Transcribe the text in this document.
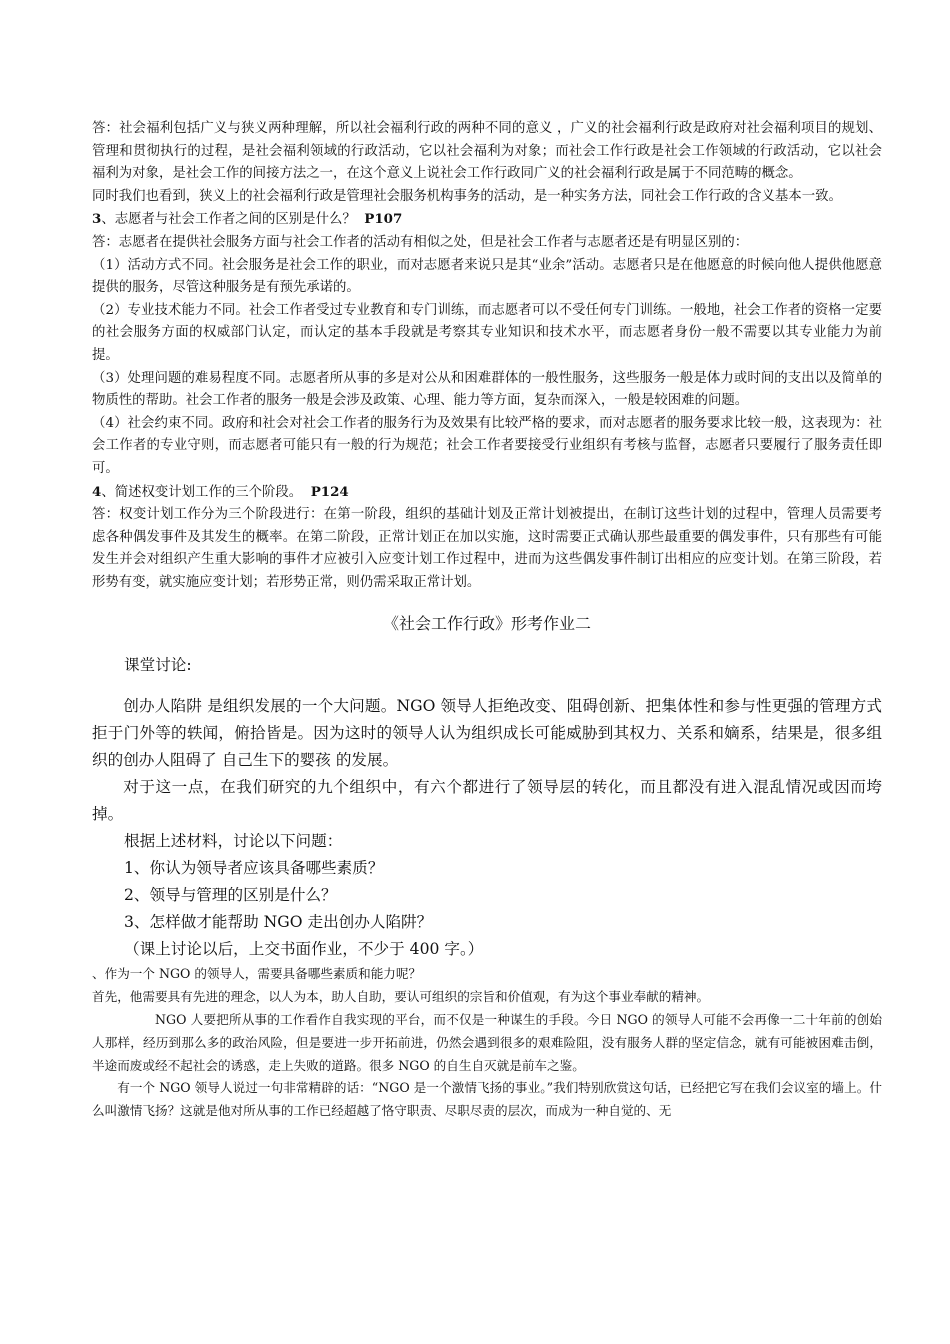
答：社会福利包括广义与狭义两种理解，所以社会福利行政的两种不同的意义 ，广义的社会福利行政是政府对社会福利项目的规划、管理和贯彻执行的过程，是社会福利领域的行政活动，它以社会福利为对象；而社会工作行政是社会工作领域的行政活动，它以社会福利为对象，是社会工作的间接方法之一，在这个意义上说社会工作行政同广义的社会福利行政是属于不同范畴的概念。

同时我们也看到，狭义上的社会福利行政是管理社会服务机构事务的活动，是一种实务方法，同社会工作行政的含义基本一致。

3、志愿者与社会工作者之间的区别是什么？ P107

答：志愿者在提供社会服务方面与社会工作者的活动有相似之处，但是社会工作者与志愿者还是有明显区别的：

（1）活动方式不同。社会服务是社会工作的职业，而对志愿者来说只是其“业余”活动。志愿者只是在他愿意的时候向他人提供他愿意提供的服务，尽管这种服务是有预先承诺的。

（2）专业技术能力不同。社会工作者受过专业教育和专门训练，而志愿者可以不受任何专门训练。一般地，社会工作者的资格一定要的社会服务方面的权威部门认定，而认定的基本手段就是考察其专业知识和技术水平，而志愿者身份一般不需要以其专业能力为前提。

（3）处理问题的难易程度不同。志愿者所从事的多是对公从和困难群体的一般性服务，这些服务一般是体力或时间的支出以及简单的物质性的帮助。社会工作者的服务一般是会涉及政策、心理、能力等方面，复杂而深入，一般是较困难的问题。

（4）社会约束不同。政府和社会对社会工作者的服务行为及效果有比较严格的要求，而对志愿者的服务要求比较一般，这表现为：社会工作者的专业守则，而志愿者可能只有一般的行为规范；社会工作者要接受行业组织有考核与监督，志愿者只要履行了服务责任即可。

4、简述权变计划工作的三个阶段。 P124

答：权变计划工作分为三个阶段进行：在第一阶段，组织的基础计划及正常计划被提出，在制订这些计划的过程中，管理人员需要考虑各种偶发事件及其发生的概率。在第二阶段，正常计划正在加以实施，这时需要正式确认那些最重要的偶发事件，只有那些有可能发生并会对组织产生重大影响的事件才应被引入应变计划工作过程中，进而为这些偶发事件制订出相应的应变计划。在第三阶段，若形势有变，就实施应变计划；若形势正常，则仍需采取正常计划。

《社会工作行政》形考作业二

课堂讨论:

创办人陷阱 是组织发展的一个大问题。NGO 领导人拒绝改变、阻碍创新、把集体性和参与性更强的管理方式拒于门外等的轶闻，俯拾皆是。因为这时的领导人认为组织成长可能威胁到其权力、关系和嫡系，结果是，很多组织的创办人阻碍了 自己生下的婴孩 的发展。

对于这一点，在我们研究的九个组织中，有六个都进行了领导层的转化，而且都没有进入混乱情况或因而垮掉。

根据上述材料，讨论以下问题：

1、你认为领导者应该具备哪些素质？

2、领导与管理的区别是什么？

3、怎样做才能帮助 NGO 走出创办人陷阱？

（课上讨论以后，上交书面作业，不少于 400 字。）

、作为一个 NGO 的领导人，需要具备哪些素质和能力呢？

首先，他需要具有先进的理念，以人为本，助人自助，要认可组织的宗旨和价值观，有为这个事业奉献的精神。

NGO 人要把所从事的工作看作自我实现的平台，而不仅是一种谋生的手段。今日 NGO 的领导人可能不会再像一二十年前的创始人那样，经历到那么多的政治风险，但是要进一步开拓前进，仍然会遇到很多的艰难险阻，没有服务人群的坚定信念，就有可能被困难击倒，半途而废或经不起社会的诱惑，走上失败的道路。很多 NGO 的自生自灭就是前车之鉴。

有一个 NGO 领导人说过一句非常精辟的话：“NGO 是一个激情飞扬的事业。”我们特别欣赏这句话，已经把它写在我们会议室的墙上。什么叫激情飞扬？这就是他对所从事的工作已经超越了恪守职责、尽职尽责的层次，而成为一种自觉的、无
